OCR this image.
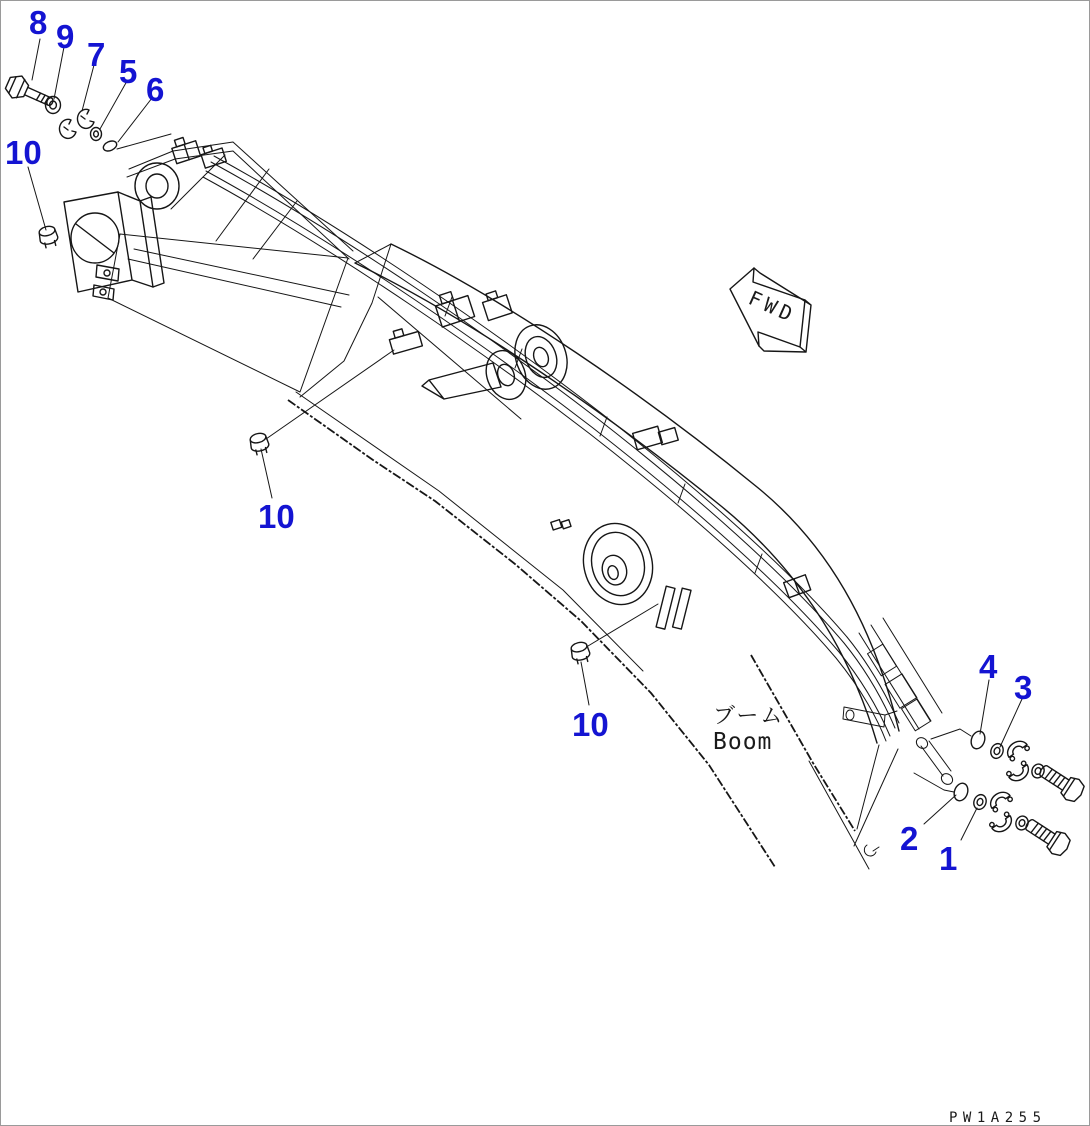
FWD
8 9 7 5 6
10
10
10
4
3
2
1
ブーム
Boom
PW1A255
